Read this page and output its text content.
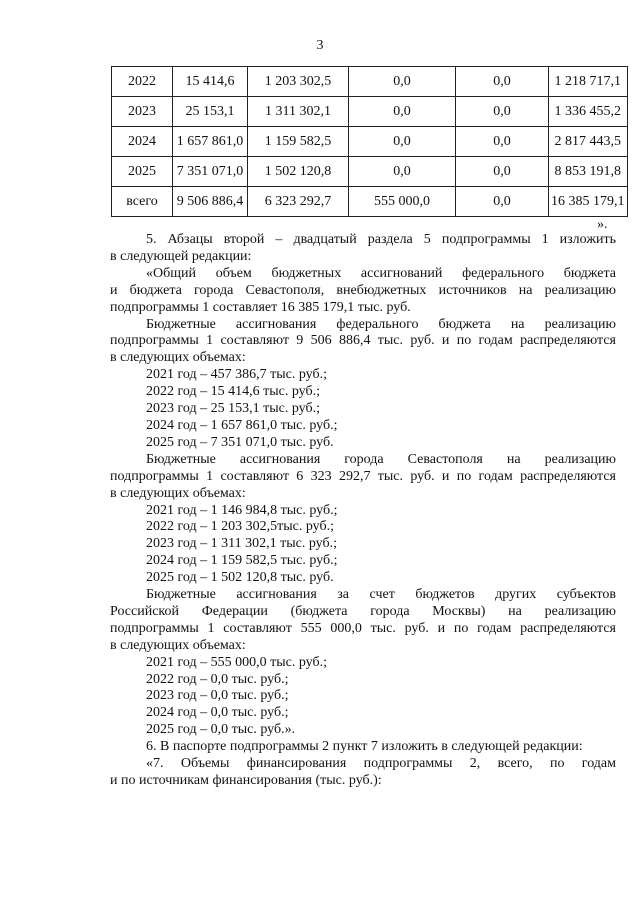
3
2022	15 414,6	1 203 302,5	0,0	0,0	1 218 717,1
2023	25 153,1	1 311 302,1	0,0	0,0	1 336 455,2
2024	1 657 861,0	1 159 582,5	0,0	0,0	2 817 443,5
2025	7 351 071,0	1 502 120,8	0,0	0,0	8 853 191,8
всего	9 506 886,4	6 323 292,7	555 000,0	0,0	16 385 179,1
».

5. Абзацы второй – двадцатый раздела 5 подпрограммы 1 изложить

в следующей редакции:

«Общий объем бюджетных ассигнований федерального бюджета

и бюджета города Севастополя, внебюджетных источников на реализацию

подпрограммы 1 составляет 16 385 179,1 тыс. руб.

Бюджетные ассигнования федерального бюджета на реализацию

подпрограммы 1 составляют 9 506 886,4 тыс. руб. и по годам распределяются

в следующих объемах:

2021 год – 457 386,7 тыс. руб.;

2022 год – 15 414,6 тыс. руб.;

2023 год – 25 153,1 тыс. руб.;

2024 год – 1 657 861,0 тыс. руб.;

2025 год – 7 351 071,0 тыс. руб.

Бюджетные ассигнования города Севастополя на реализацию

подпрограммы 1 составляют 6 323 292,7 тыс. руб. и по годам распределяются

в следующих объемах:

2021 год – 1 146 984,8 тыс. руб.;

2022 год – 1 203 302,5тыс. руб.;

2023 год – 1 311 302,1 тыс. руб.;

2024 год – 1 159 582,5 тыс. руб.;

2025 год – 1 502 120,8 тыс. руб.

Бюджетные ассигнования за счет бюджетов других субъектов

Российской Федерации (бюджета города Москвы) на реализацию

подпрограммы 1 составляют 555 000,0 тыс. руб. и по годам распределяются

в следующих объемах:

2021 год – 555 000,0 тыс. руб.;

2022 год – 0,0 тыс. руб.;

2023 год – 0,0 тыс. руб.;

2024 год – 0,0 тыс. руб.;

2025 год – 0,0 тыс. руб.».

6. В паспорте подпрограммы 2 пункт 7 изложить в следующей редакции:

«7. Объемы финансирования подпрограммы 2, всего, по годам

и по источникам финансирования (тыс. руб.):
